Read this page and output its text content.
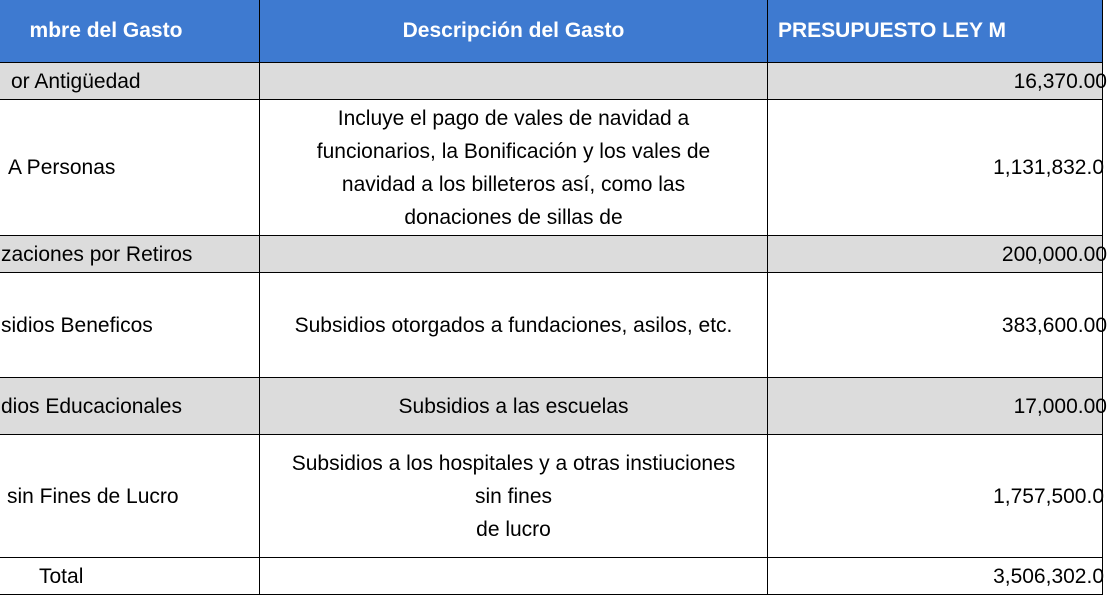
mbre del Gasto	Descripción del Gasto	PRESUPUESTO LEY M
or Antigüedad		16,370.00
A Personas	Incluye el pago de vales de navidad a
funcionarios, la Bonificación y los vales de
navidad a los billeteros así, como las
donaciones de sillas de	1,131,832.0
zaciones por Retiros		200,000.00
sidios Beneficos	Subsidios otorgados a fundaciones, asilos, etc.	383,600.00
dios Educacionales	Subsidios a las escuelas	17,000.00
sin Fines de Lucro	Subsidios a los hospitales y a otras instiuciones
sin fines
de lucro	1,757,500.0
Total		3,506,302.0
